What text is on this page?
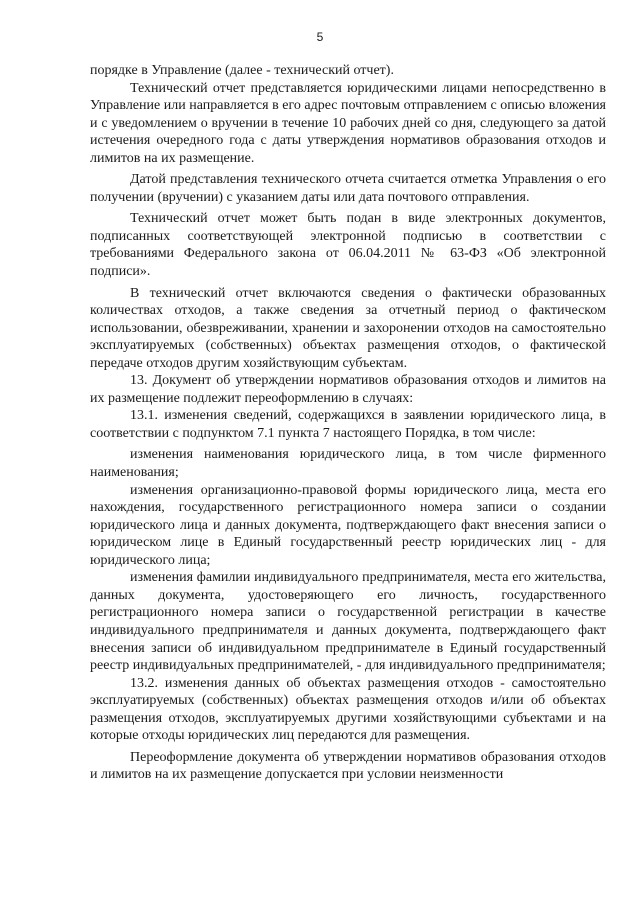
5

порядке в Управление (далее - технический отчет).

Технический отчет представляется юридическими лицами непосредственно в Управление или направляется в его адрес почтовым отправлением с описью вложения и с уведомлением о вручении в течение 10 рабочих дней со дня, следующего за датой истечения очередного года с даты утверждения нормативов образования отходов и лимитов на их размещение.

Датой представления технического отчета считается отметка Управления о его получении (вручении) с указанием даты или дата почтового отправления.

Технический отчет может быть подан в виде электронных документов, подписанных соответствующей электронной подписью в соответствии с требованиями Федерального закона от 06.04.2011 № 63-ФЗ «Об электронной подписи».

В технический отчет включаются сведения о фактически образованных количествах отходов, а также сведения за отчетный период о фактическом использовании, обезвреживании, хранении и захоронении отходов на самостоятельно эксплуатируемых (собственных) объектах размещения отходов, о фактической передаче отходов другим хозяйствующим субъектам.

13. Документ об утверждении нормативов образования отходов и лимитов на их размещение подлежит переоформлению в случаях:

13.1. изменения сведений, содержащихся в заявлении юридического лица, в соответствии с подпунктом 7.1 пункта 7 настоящего Порядка, в том числе:

изменения наименования юридического лица, в том числе фирменного наименования;

изменения организационно-правовой формы юридического лица, места его нахождения, государственного регистрационного номера записи о создании юридического лица и данных документа, подтверждающего факт внесения записи о юридическом лице в Единый государственный реестр юридических лиц - для юридического лица;

изменения фамилии индивидуального предпринимателя, места его жительства, данных документа, удостоверяющего его личность, государственного регистрационного номера записи о государственной регистрации в качестве индивидуального предпринимателя и данных документа, подтверждающего факт внесения записи об индивидуальном предпринимателе в Единый государственный реестр индивидуальных предпринимателей, - для индивидуального предпринимателя;

13.2. изменения данных об объектах размещения отходов - самостоятельно эксплуатируемых (собственных) объектах размещения отходов и/или об объектах размещения отходов, эксплуатируемых другими хозяйствующими субъектами и на которые отходы юридических лиц передаются для размещения.

Переоформление документа об утверждении нормативов образования отходов и лимитов на их размещение допускается при условии неизменности
